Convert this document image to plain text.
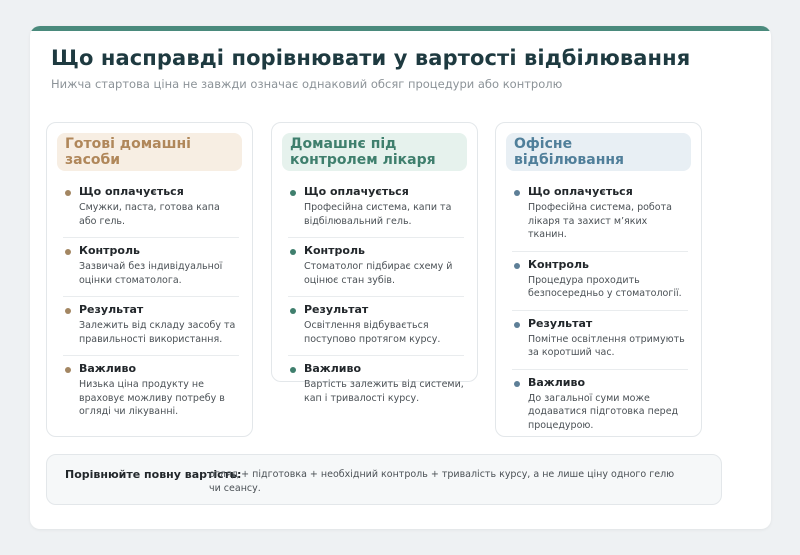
Що насправді порівнювати у вартості відбілювання

Нижча стартова ціна не завжди означає однаковий обсяг процедури або контролю

Готові домашні засоби
Що оплачується
Смужки, паста, готова капа або гель.
Контроль
Зазвичай без індивідуальної оцінки стоматолога.
Результат
Залежить від складу засобу та правильності використання.
Важливо
Низька ціна продукту не враховує можливу потребу в огляді чи лікуванні.
Домашнє під контролем лікаря
Що оплачується
Професійна система, капи та відбілювальний гель.
Контроль
Стоматолог підбирає схему й оцінює стан зубів.
Результат
Освітлення відбувається поступово протягом курсу.
Важливо
Вартість залежить від системи, кап і тривалості курсу.
Офісне відбілювання
Що оплачується
Професійна система, робота лікаря та захист м’яких тканин.
Контроль
Процедура проходить безпосередньо у стоматології.
Результат
Помітне освітлення отримують за коротший час.
Важливо
До загальної суми може додаватися підготовка перед процедурою.
Порівнюйте повну вартість:
огляд + підготовка + необхідний контроль + тривалість курсу, а не лише ціну одного гелю чи сеансу.
